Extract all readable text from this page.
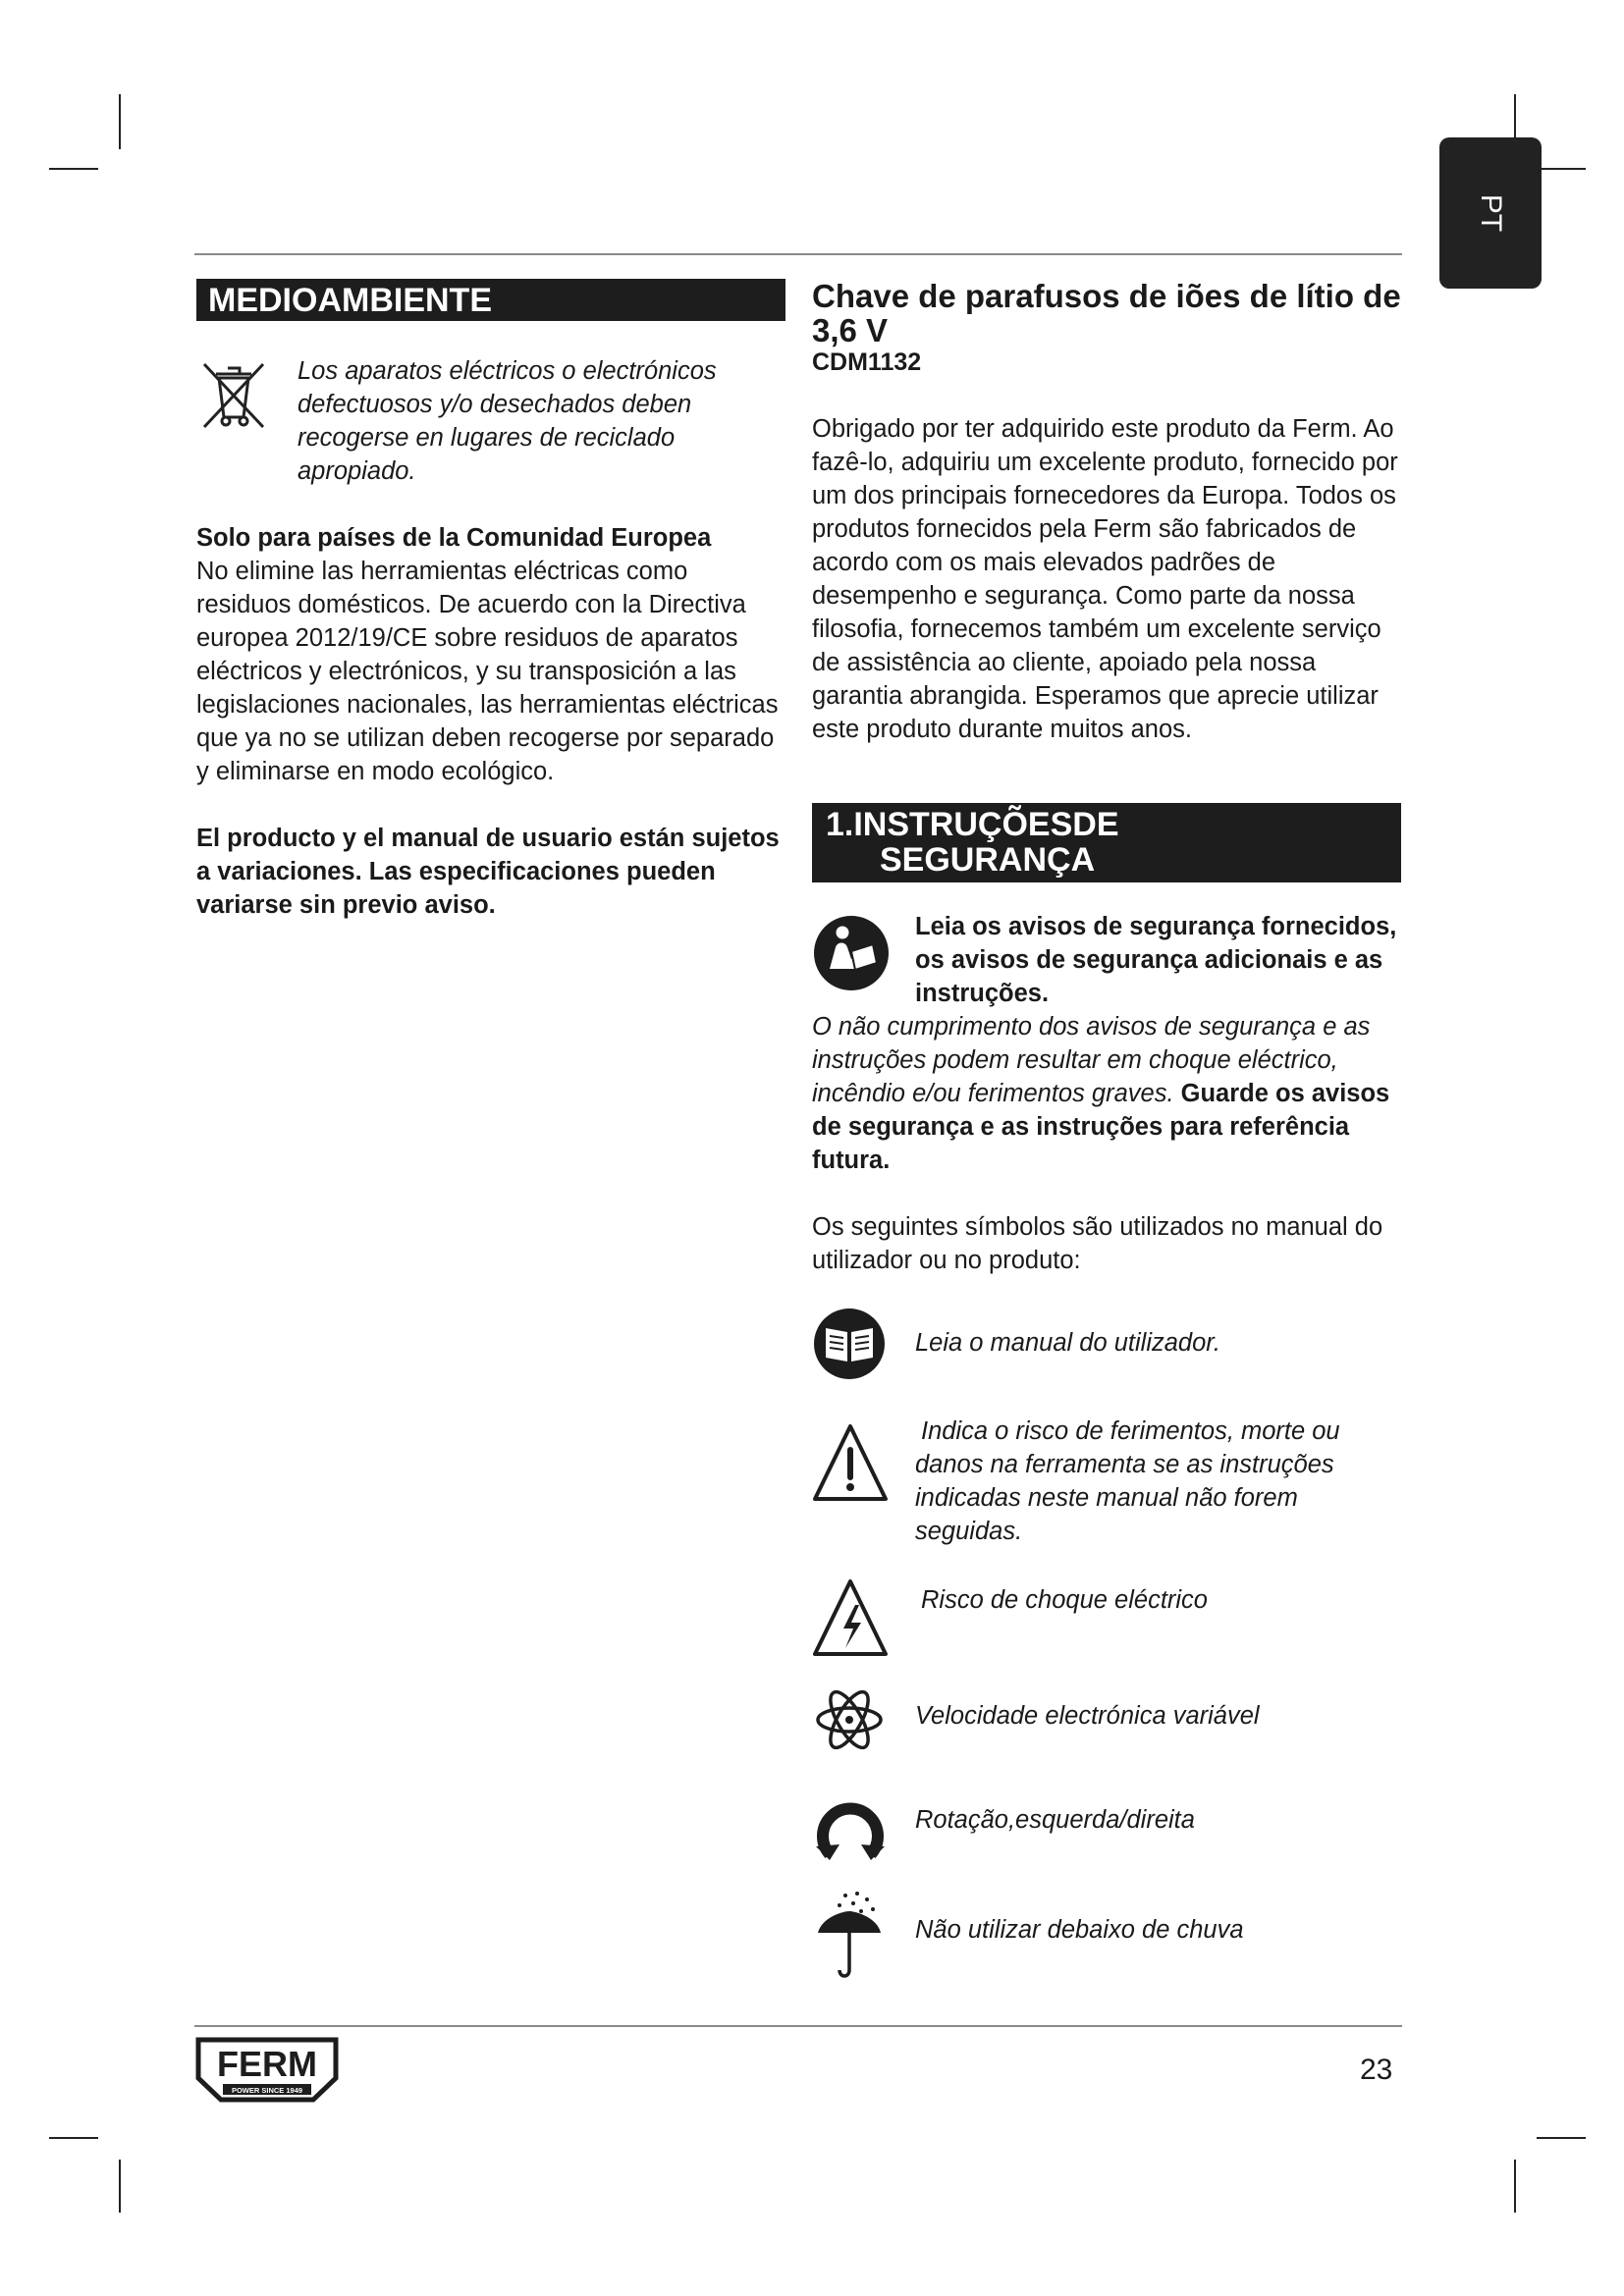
PT
MEDIOAMBIENTE

Los aparatos eléctricos o electrónicos defectuosos y/o desechados deben recogerse en lugares de reciclado apropiado.

Solo para países de la Comunidad Europea

No elimine las herramientas eléctricas como residuos domésticos. De acuerdo con la Directiva europea 2012/19/CE sobre residuos de aparatos eléctricos y electrónicos, y su transposición a las legislaciones nacionales, las herramientas eléctricas que ya no se utilizan deben recogerse por separado y eliminarse en modo ecológico.

El producto y el manual de usuario están sujetos a variaciones. Las especificaciones pueden variarse sin previo aviso.

Chave de parafusos de iões de lítio de 3,6 V

CDM1132

Obrigado por ter adquirido este produto da Ferm. Ao fazê-lo, adquiriu um excelente produto, fornecido por um dos principais fornecedores da Europa. Todos os produtos fornecidos pela Ferm são fabricados de acordo com os mais elevados padrões de desempenho e segurança. Como parte da nossa filosofia, fornecemos também um excelente serviço de assistência ao cliente, apoiado pela nossa garantia abrangida. Esperamos que aprecie utilizar este produto durante muitos anos.

1.INSTRUÇÕESDE
SEGURANÇA

Leia os avisos de segurança fornecidos, os avisos de segurança adicionais e as instruções.
O não cumprimento dos avisos de segurança e as instruções podem resultar em choque eléctrico, incêndio e/ou ferimentos graves. Guarde os avisos de segurança e as instruções para referência futura.

Os seguintes símbolos são utilizados no manual do utilizador ou no produto:

Leia o manual do utilizador.

Indica o risco de ferimentos, morte ou danos na ferramenta se as instruções indicadas neste manual não forem seguidas.

Risco de choque eléctrico

Velocidade electrónica variável

Rotação,esquerda/direita

Não utilizar debaixo de chuva

FERM
POWER SINCE 1949
23
